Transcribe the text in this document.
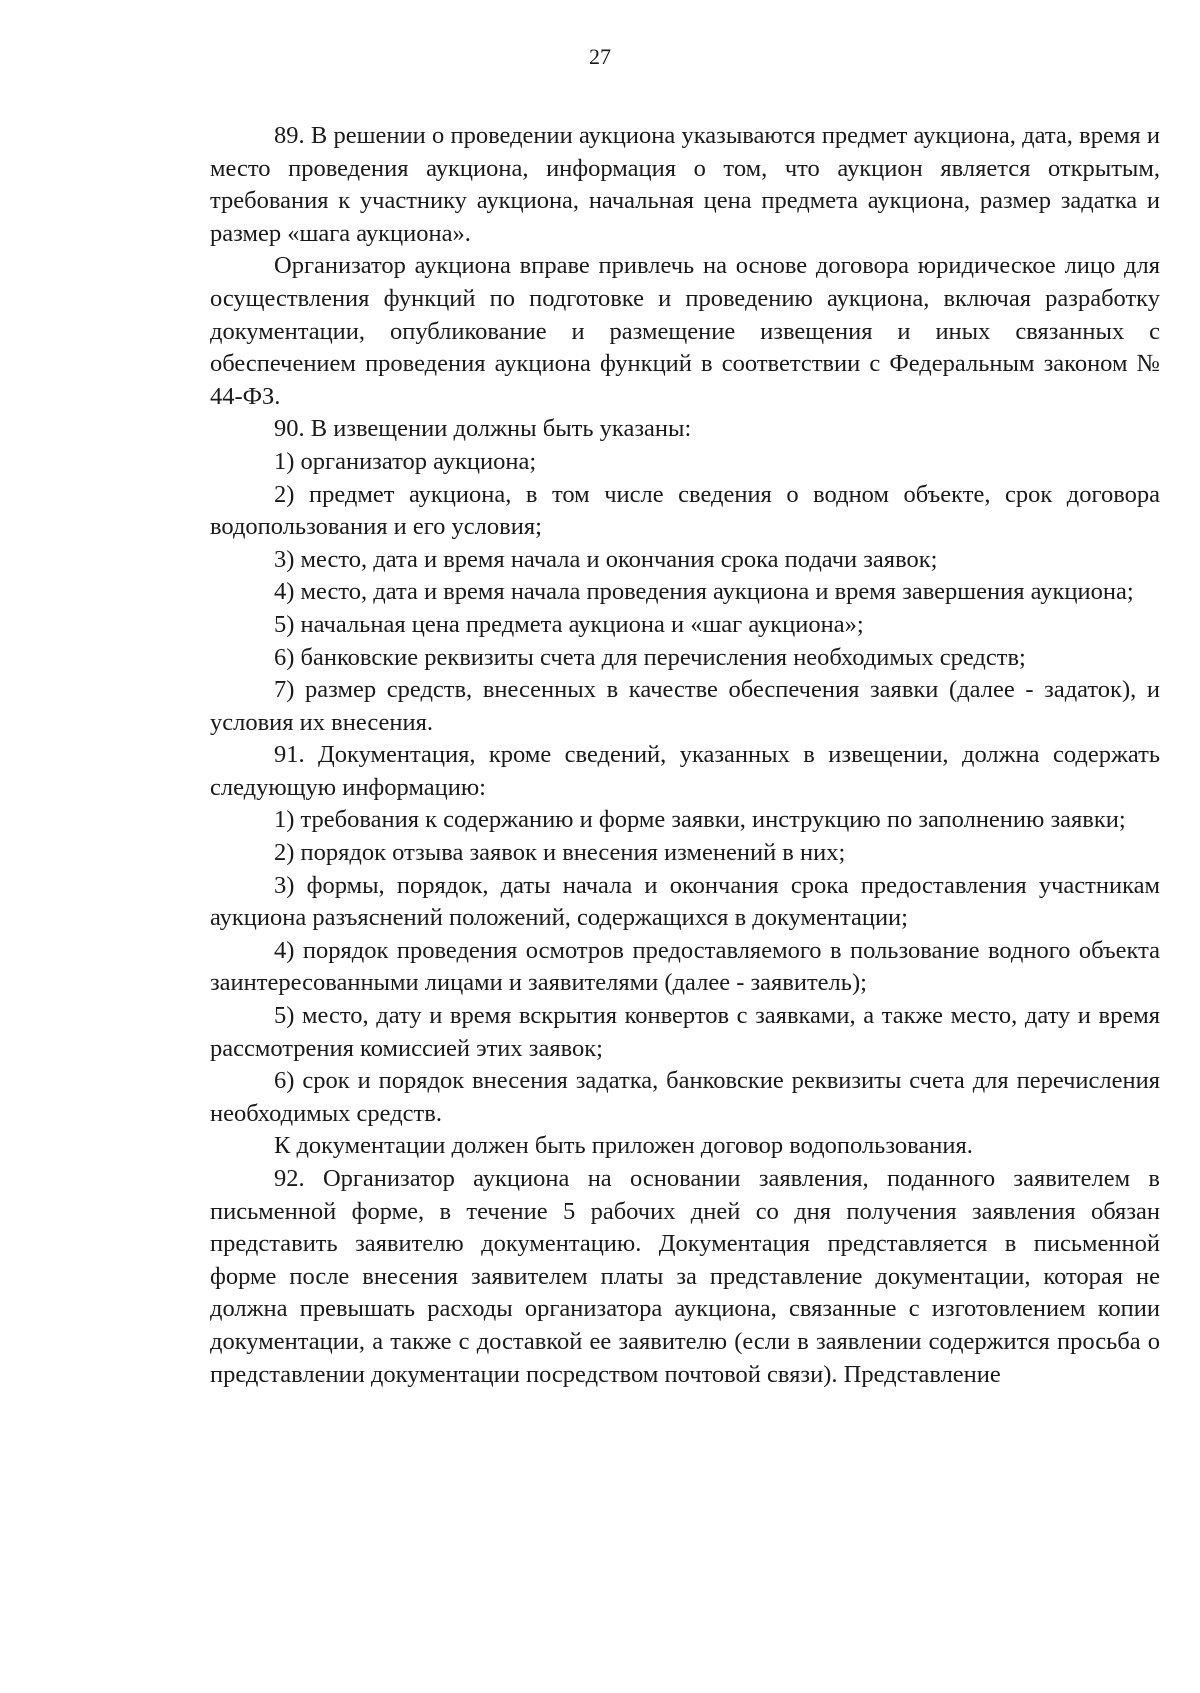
27

89. В решении о проведении аукциона указываются предмет аукциона, дата, время и место проведения аукциона, информация о том, что аукцион является открытым, требования к участнику аукциона, начальная цена предмета аукциона, размер задатка и размер «шага аукциона».

Организатор аукциона вправе привлечь на основе договора юридическое лицо для осуществления функций по подготовке и проведению аукциона, включая разработку документации, опубликование и размещение извещения и иных связанных с обеспечением проведения аукциона функций в соответствии с Федеральным законом № 44-ФЗ.

90. В извещении должны быть указаны:

1) организатор аукциона;

2) предмет аукциона, в том числе сведения о водном объекте, срок договора водопользования и его условия;

3) место, дата и время начала и окончания срока подачи заявок;

4) место, дата и время начала проведения аукциона и время завершения аукциона;

5) начальная цена предмета аукциона и «шаг аукциона»;

6) банковские реквизиты счета для перечисления необходимых средств;

7) размер средств, внесенных в качестве обеспечения заявки (далее - задаток), и условия их внесения.

91. Документация, кроме сведений, указанных в извещении, должна содержать следующую информацию:

1) требования к содержанию и форме заявки, инструкцию по заполнению заявки;

2) порядок отзыва заявок и внесения изменений в них;

3) формы, порядок, даты начала и окончания срока предоставления участникам аукциона разъяснений положений, содержащихся в документации;

4) порядок проведения осмотров предоставляемого в пользование водного объекта заинтересованными лицами и заявителями (далее - заявитель);

5) место, дату и время вскрытия конвертов с заявками, а также место, дату и время рассмотрения комиссией этих заявок;

6) срок и порядок внесения задатка, банковские реквизиты счета для перечисления необходимых средств.

К документации должен быть приложен договор водопользования.

92. Организатор аукциона на основании заявления, поданного заявителем в письменной форме, в течение 5 рабочих дней со дня получения заявления обязан представить заявителю документацию. Документация представляется в письменной форме после внесения заявителем платы за представление документации, которая не должна превышать расходы организатора аукциона, связанные с изготовлением копии документации, а также с доставкой ее заявителю (если в заявлении содержится просьба о представлении документации посредством почтовой связи). Представление
